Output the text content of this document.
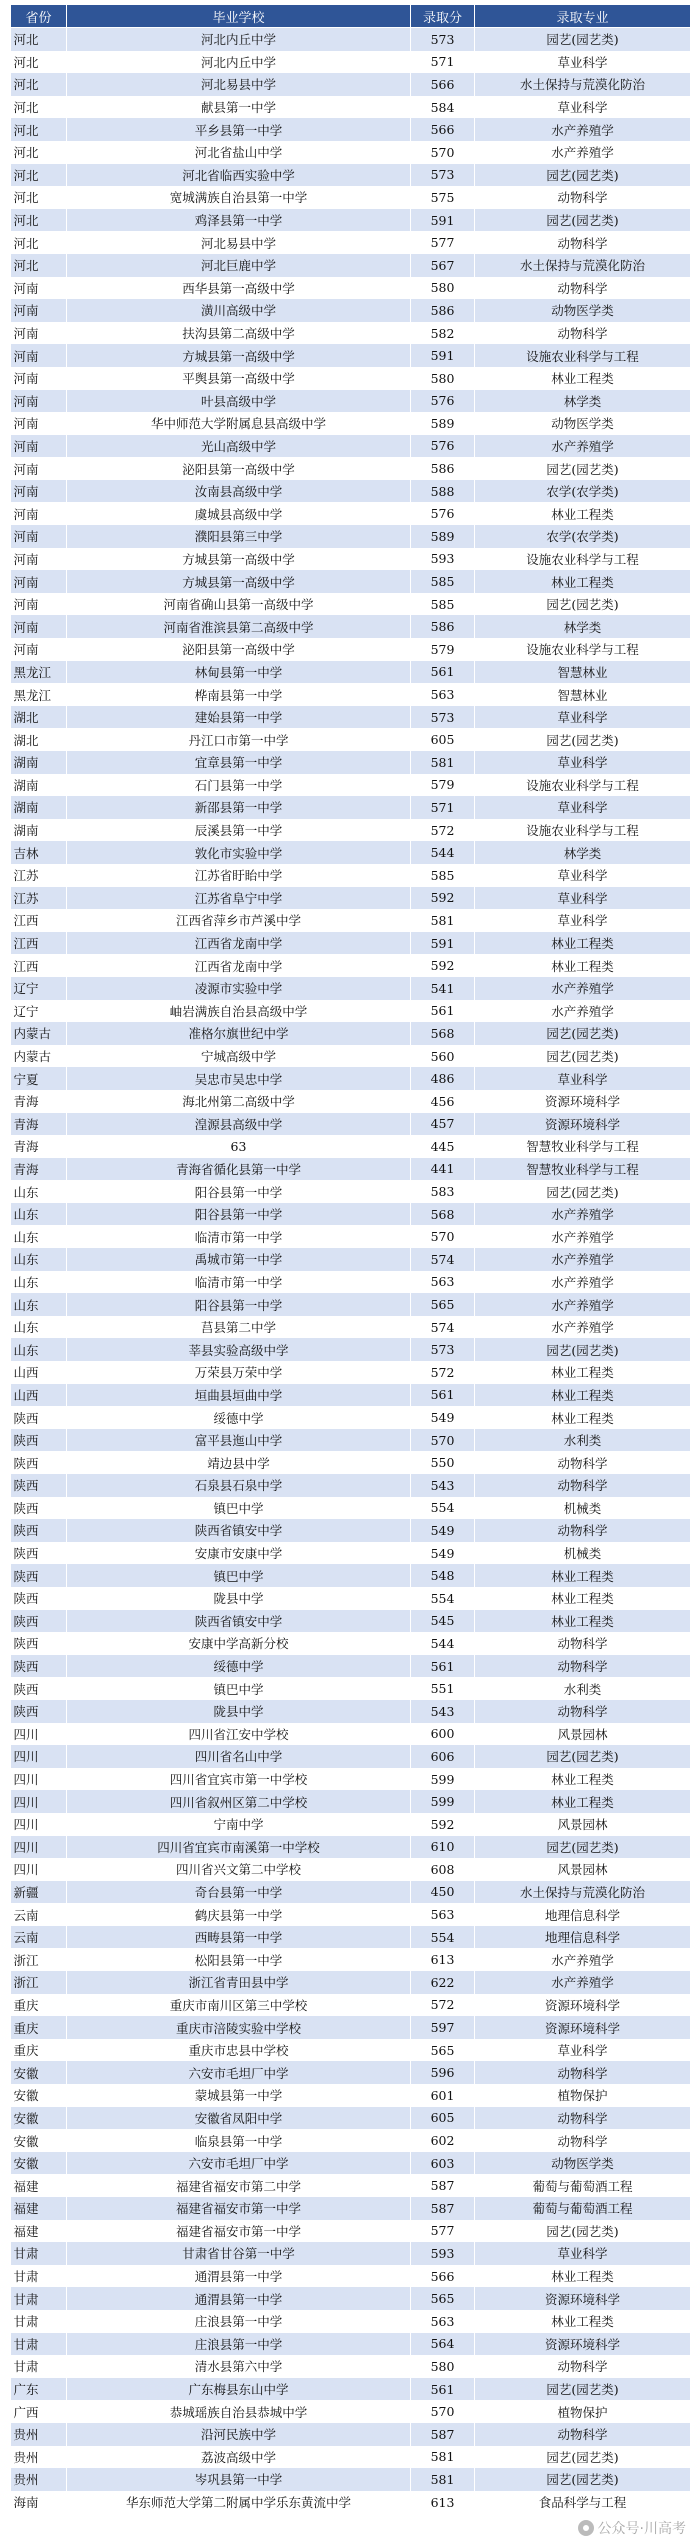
省份	毕业学校	录取分	录取专业
河北	河北内丘中学	573	园艺(园艺类)
河北	河北内丘中学	571	草业科学
河北	河北易县中学	566	水土保持与荒漠化防治
河北	献县第一中学	584	草业科学
河北	平乡县第一中学	566	水产养殖学
河北	河北省盐山中学	570	水产养殖学
河北	河北省临西实验中学	573	园艺(园艺类)
河北	宽城满族自治县第一中学	575	动物科学
河北	鸡泽县第一中学	591	园艺(园艺类)
河北	河北易县中学	577	动物科学
河北	河北巨鹿中学	567	水土保持与荒漠化防治
河南	西华县第一高级中学	580	动物科学
河南	潢川高级中学	586	动物医学类
河南	扶沟县第二高级中学	582	动物科学
河南	方城县第一高级中学	591	设施农业科学与工程
河南	平舆县第一高级中学	580	林业工程类
河南	叶县高级中学	576	林学类
河南	华中师范大学附属息县高级中学	589	动物医学类
河南	光山高级中学	576	水产养殖学
河南	泌阳县第一高级中学	586	园艺(园艺类)
河南	汝南县高级中学	588	农学(农学类)
河南	虞城县高级中学	576	林业工程类
河南	濮阳县第三中学	589	农学(农学类)
河南	方城县第一高级中学	593	设施农业科学与工程
河南	方城县第一高级中学	585	林业工程类
河南	河南省确山县第一高级中学	585	园艺(园艺类)
河南	河南省淮滨县第二高级中学	586	林学类
河南	泌阳县第一高级中学	579	设施农业科学与工程
黑龙江	林甸县第一中学	561	智慧林业
黑龙江	桦南县第一中学	563	智慧林业
湖北	建始县第一中学	573	草业科学
湖北	丹江口市第一中学	605	园艺(园艺类)
湖南	宜章县第一中学	581	草业科学
湖南	石门县第一中学	579	设施农业科学与工程
湖南	新邵县第一中学	571	草业科学
湖南	辰溪县第一中学	572	设施农业科学与工程
吉林	敦化市实验中学	544	林学类
江苏	江苏省盱眙中学	585	草业科学
江苏	江苏省阜宁中学	592	草业科学
江西	江西省萍乡市芦溪中学	581	草业科学
江西	江西省龙南中学	591	林业工程类
江西	江西省龙南中学	592	林业工程类
辽宁	凌源市实验中学	541	水产养殖学
辽宁	岫岩满族自治县高级中学	561	水产养殖学
内蒙古	准格尔旗世纪中学	568	园艺(园艺类)
内蒙古	宁城高级中学	560	园艺(园艺类)
宁夏	吴忠市吴忠中学	486	草业科学
青海	海北州第二高级中学	456	资源环境科学
青海	湟源县高级中学	457	资源环境科学
青海	63	445	智慧牧业科学与工程
青海	青海省循化县第一中学	441	智慧牧业科学与工程
山东	阳谷县第一中学	583	园艺(园艺类)
山东	阳谷县第一中学	568	水产养殖学
山东	临清市第一中学	570	水产养殖学
山东	禹城市第一中学	574	水产养殖学
山东	临清市第一中学	563	水产养殖学
山东	阳谷县第一中学	565	水产养殖学
山东	莒县第二中学	574	水产养殖学
山东	莘县实验高级中学	573	园艺(园艺类)
山西	万荣县万荣中学	572	林业工程类
山西	垣曲县垣曲中学	561	林业工程类
陕西	绥德中学	549	林业工程类
陕西	富平县迤山中学	570	水利类
陕西	靖边县中学	550	动物科学
陕西	石泉县石泉中学	543	动物科学
陕西	镇巴中学	554	机械类
陕西	陕西省镇安中学	549	动物科学
陕西	安康市安康中学	549	机械类
陕西	镇巴中学	548	林业工程类
陕西	陇县中学	554	林业工程类
陕西	陕西省镇安中学	545	林业工程类
陕西	安康中学高新分校	544	动物科学
陕西	绥德中学	561	动物科学
陕西	镇巴中学	551	水利类
陕西	陇县中学	543	动物科学
四川	四川省江安中学校	600	风景园林
四川	四川省名山中学	606	园艺(园艺类)
四川	四川省宜宾市第一中学校	599	林业工程类
四川	四川省叙州区第二中学校	599	林业工程类
四川	宁南中学	592	风景园林
四川	四川省宜宾市南溪第一中学校	610	园艺(园艺类)
四川	四川省兴文第二中学校	608	风景园林
新疆	奇台县第一中学	450	水土保持与荒漠化防治
云南	鹤庆县第一中学	563	地理信息科学
云南	西畴县第一中学	554	地理信息科学
浙江	松阳县第一中学	613	水产养殖学
浙江	浙江省青田县中学	622	水产养殖学
重庆	重庆市南川区第三中学校	572	资源环境科学
重庆	重庆市涪陵实验中学校	597	资源环境科学
重庆	重庆市忠县中学校	565	草业科学
安徽	六安市毛坦厂中学	596	动物科学
安徽	蒙城县第一中学	601	植物保护
安徽	安徽省凤阳中学	605	动物科学
安徽	临泉县第一中学	602	动物科学
安徽	六安市毛坦厂中学	603	动物医学类
福建	福建省福安市第二中学	587	葡萄与葡萄酒工程
福建	福建省福安市第一中学	587	葡萄与葡萄酒工程
福建	福建省福安市第一中学	577	园艺(园艺类)
甘肃	甘肃省甘谷第一中学	593	草业科学
甘肃	通渭县第一中学	566	林业工程类
甘肃	通渭县第一中学	565	资源环境科学
甘肃	庄浪县第一中学	563	林业工程类
甘肃	庄浪县第一中学	564	资源环境科学
甘肃	清水县第六中学	580	动物科学
广东	广东梅县东山中学	561	园艺(园艺类)
广西	恭城瑶族自治县恭城中学	570	植物保护
贵州	沿河民族中学	587	动物科学
贵州	荔波高级中学	581	园艺(园艺类)
贵州	岑巩县第一中学	581	园艺(园艺类)
海南	华东师范大学第二附属中学乐东黄流中学	613	食品科学与工程
公众号·川高考
